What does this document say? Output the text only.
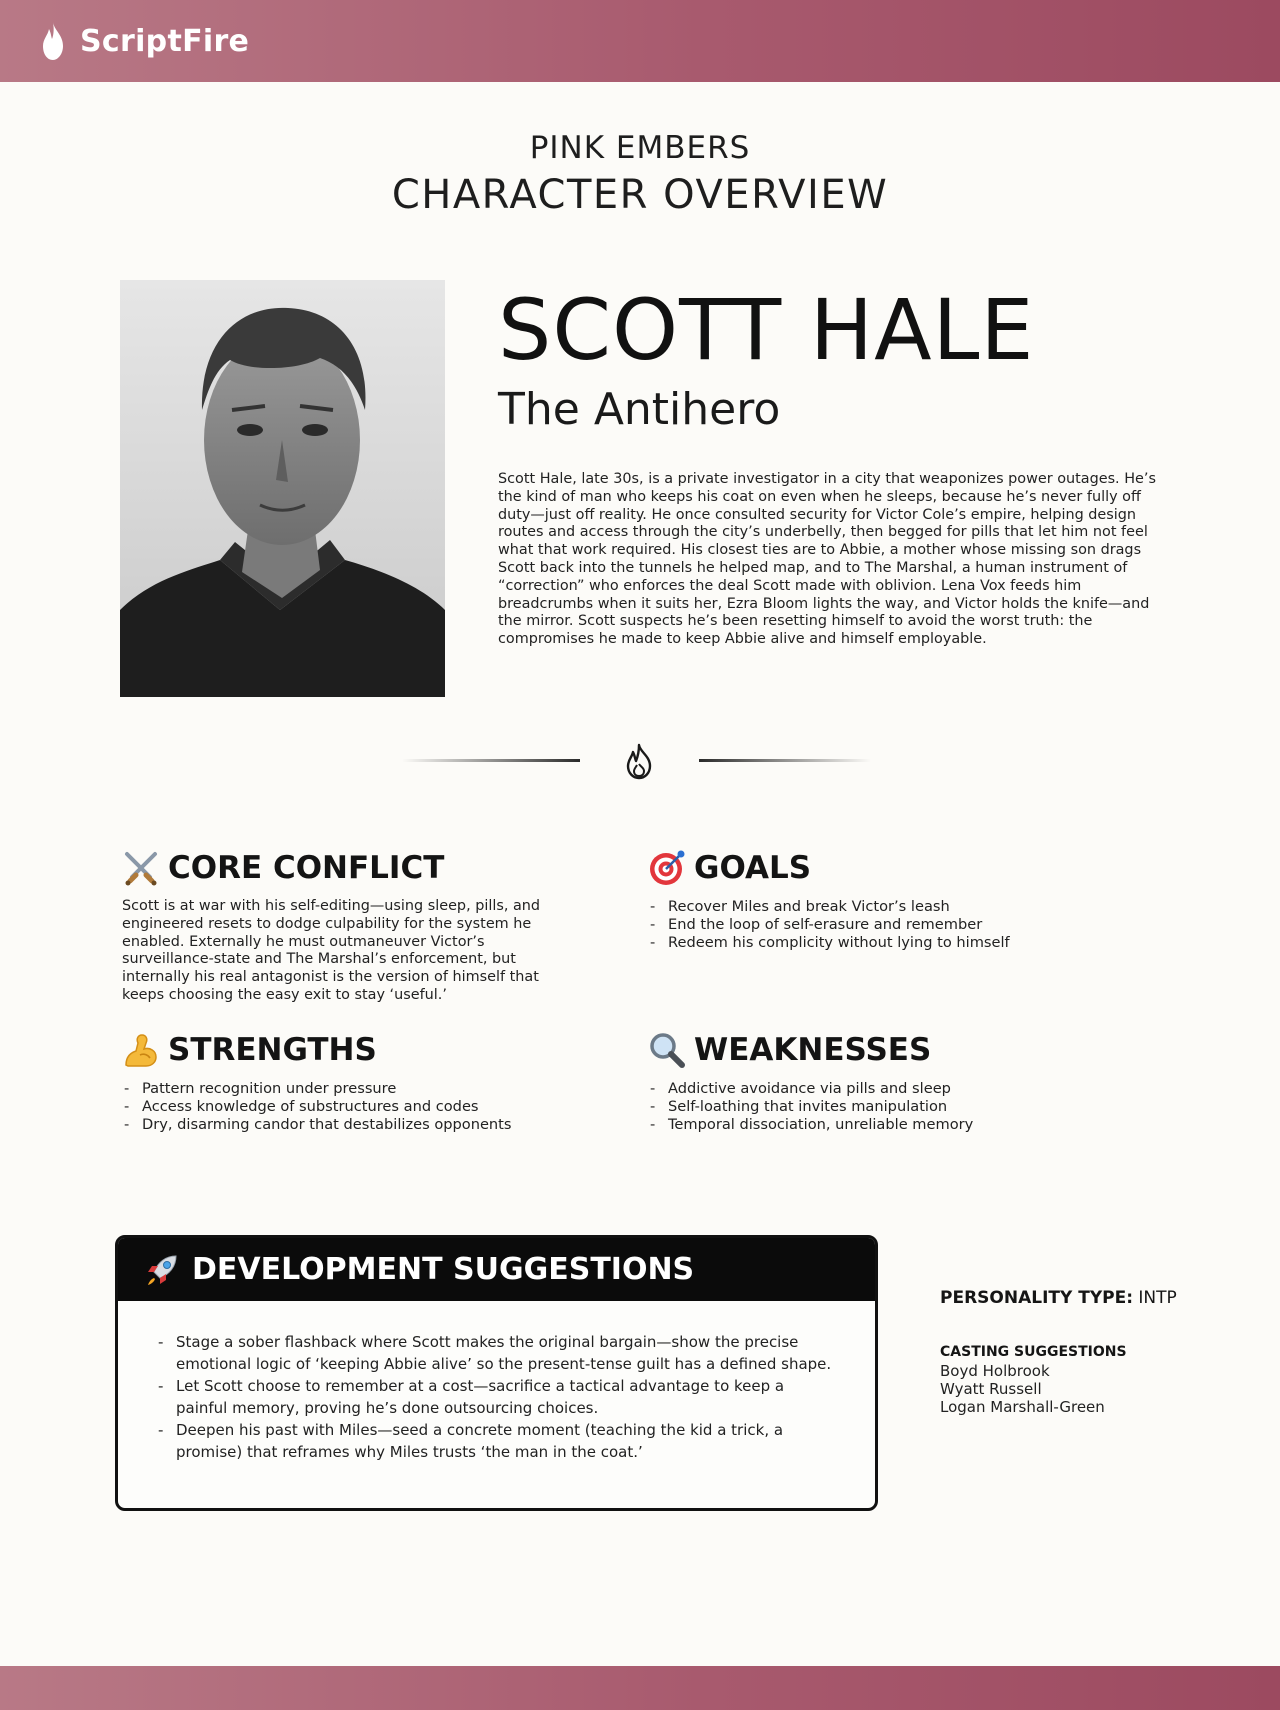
ScriptFire
PINK EMBERS
CHARACTER OVERVIEW
SCOTT HALE
The Antihero
Scott Hale, late 30s, is a private investigator in a city that weaponizes power outages. He’s the kind of man who keeps his coat on even when he sleeps, because he’s never fully off duty—just off reality. He once consulted security for Victor Cole’s empire, helping design routes and access through the city’s underbelly, then begged for pills that let him not feel what that work required. His closest ties are to Abbie, a mother whose missing son drags Scott back into the tunnels he helped map, and to The Marshal, a human instrument of “correction” who enforces the deal Scott made with oblivion. Lena Vox feeds him breadcrumbs when it suits her, Ezra Bloom lights the way, and Victor holds the knife—and the mirror. Scott suspects he’s been resetting himself to avoid the worst truth: the compromises he made to keep Abbie alive and himself employable.
CORE CONFLICT
Scott is at war with his self-editing—using sleep, pills, and engineered resets to dodge culpability for the system he enabled. Externally he must outmaneuver Victor’s surveillance-state and The Marshal’s enforcement, but internally his real antagonist is the version of himself that keeps choosing the easy exit to stay ‘useful.’
GOALS
- Recover Miles and break Victor’s leash
- End the loop of self-erasure and remember
- Redeem his complicity without lying to himself
STRENGTHS
- Pattern recognition under pressure
- Access knowledge of substructures and codes
- Dry, disarming candor that destabilizes opponents
WEAKNESSES
- Addictive avoidance via pills and sleep
- Self-loathing that invites manipulation
- Temporal dissociation, unreliable memory
DEVELOPMENT SUGGESTIONS
- Stage a sober flashback where Scott makes the original bargain—show the precise emotional logic of ‘keeping Abbie alive’ so the present-tense guilt has a defined shape.
- Let Scott choose to remember at a cost—sacrifice a tactical advantage to keep a painful memory, proving he’s done outsourcing choices.
- Deepen his past with Miles—seed a concrete moment (teaching the kid a trick, a promise) that reframes why Miles trusts ‘the man in the coat.’
PERSONALITY TYPE: INTP
CASTING SUGGESTIONS
Boyd Holbrook
Wyatt Russell
Logan Marshall-Green
